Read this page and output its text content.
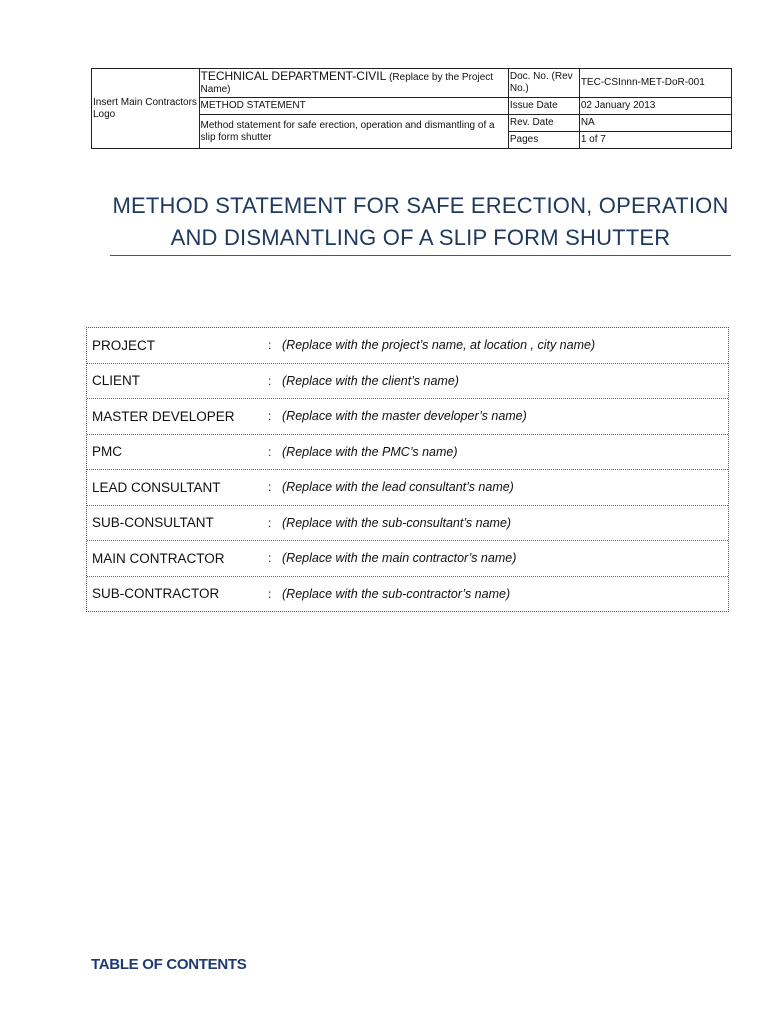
Insert Main Contractors Logo	TECHNICAL DEPARTMENT-CIVIL (Replace by the Project Name)	Doc. No. (Rev No.)	TEC-CSInnn-MET-DoR-001
	METHOD STATEMENT	Issue Date	02 January 2013
	Method statement for safe erection, operation and dismantling of a slip form shutter	Rev. Date	NA
		Pages	1 of 7
METHOD STATEMENT FOR SAFE ERECTION, OPERATION
AND DISMANTLING OF A SLIP FORM SHUTTER
PROJECT	: (Replace with the project’s name, at location , city name)
CLIENT	: (Replace with the client’s name)
MASTER DEVELOPER	: (Replace with the master developer’s name)
PMC	: (Replace with the PMC’s name)
LEAD CONSULTANT	: (Replace with the lead consultant’s name)
SUB-CONSULTANT	: (Replace with the sub-consultant’s name)
MAIN CONTRACTOR	: (Replace with the main contractor’s name)
SUB-CONTRACTOR	: (Replace with the sub-contractor’s name)
TABLE OF CONTENTS
